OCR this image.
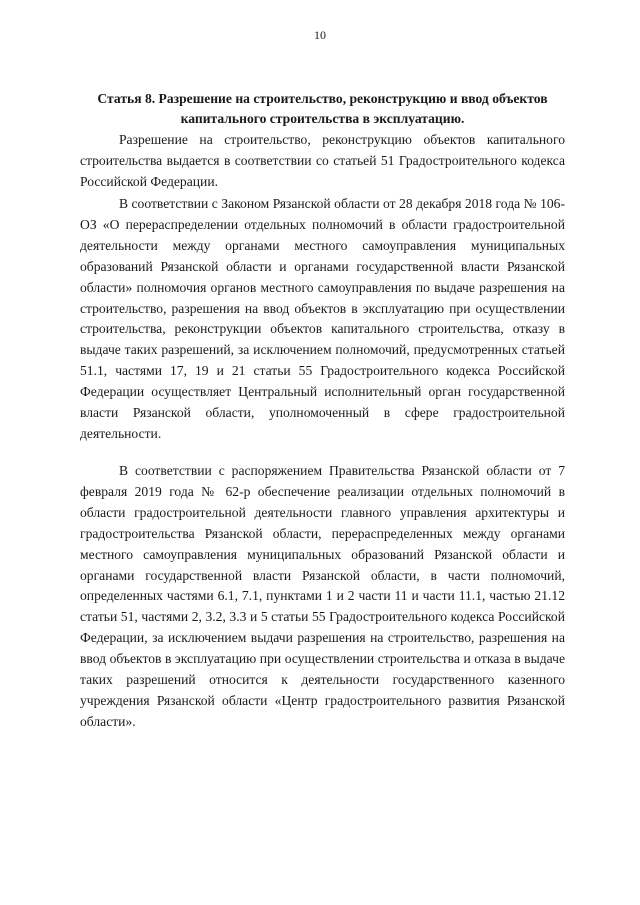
10
Статья 8. Разрешение на строительство, реконструкцию и ввод объектов капитального строительства в эксплуатацию.

Разрешение на строительство, реконструкцию объектов капитального строительства выдается в соответствии со статьей 51 Градостроительного кодекса Российской Федерации.

В соответствии с Законом Рязанской области от 28 декабря 2018 года № 106-ОЗ «О перераспределении отдельных полномочий в области градостроительной деятельности между органами местного самоуправления муниципальных образований Рязанской области и органами государственной власти Рязанской области» полномочия органов местного самоуправления по выдаче разрешения на строительство, разрешения на ввод объектов в эксплуатацию при осуществлении строительства, реконструкции объектов капитального строительства, отказу в выдаче таких разрешений, за исключением полномочий, предусмотренных статьей 51.1, частями 17, 19 и 21 статьи 55 Градостроительного кодекса Российской Федерации осуществляет Центральный исполнительный орган государственной власти Рязанской области, уполномоченный в сфере градостроительной деятельности.

В соответствии с распоряжением Правительства Рязанской области от 7 февраля 2019 года № 62-р обеспечение реализации отдельных полномочий в области градостроительной деятельности главного управления архитектуры и градостроительства Рязанской области, перераспределенных между органами местного самоуправления муниципальных образований Рязанской области и органами государственной власти Рязанской области, в части полномочий, определенных частями 6.1, 7.1, пунктами 1 и 2 части 11 и части 11.1, частью 21.12 статьи 51, частями 2, 3.2, 3.3 и 5 статьи 55 Градостроительного кодекса Российской Федерации, за исключением выдачи разрешения на строительство, разрешения на ввод объектов в эксплуатацию при осуществлении строительства и отказа в выдаче таких разрешений относится к деятельности государственного казенного учреждения Рязанской области «Центр градостроительного развития Рязанской области».
